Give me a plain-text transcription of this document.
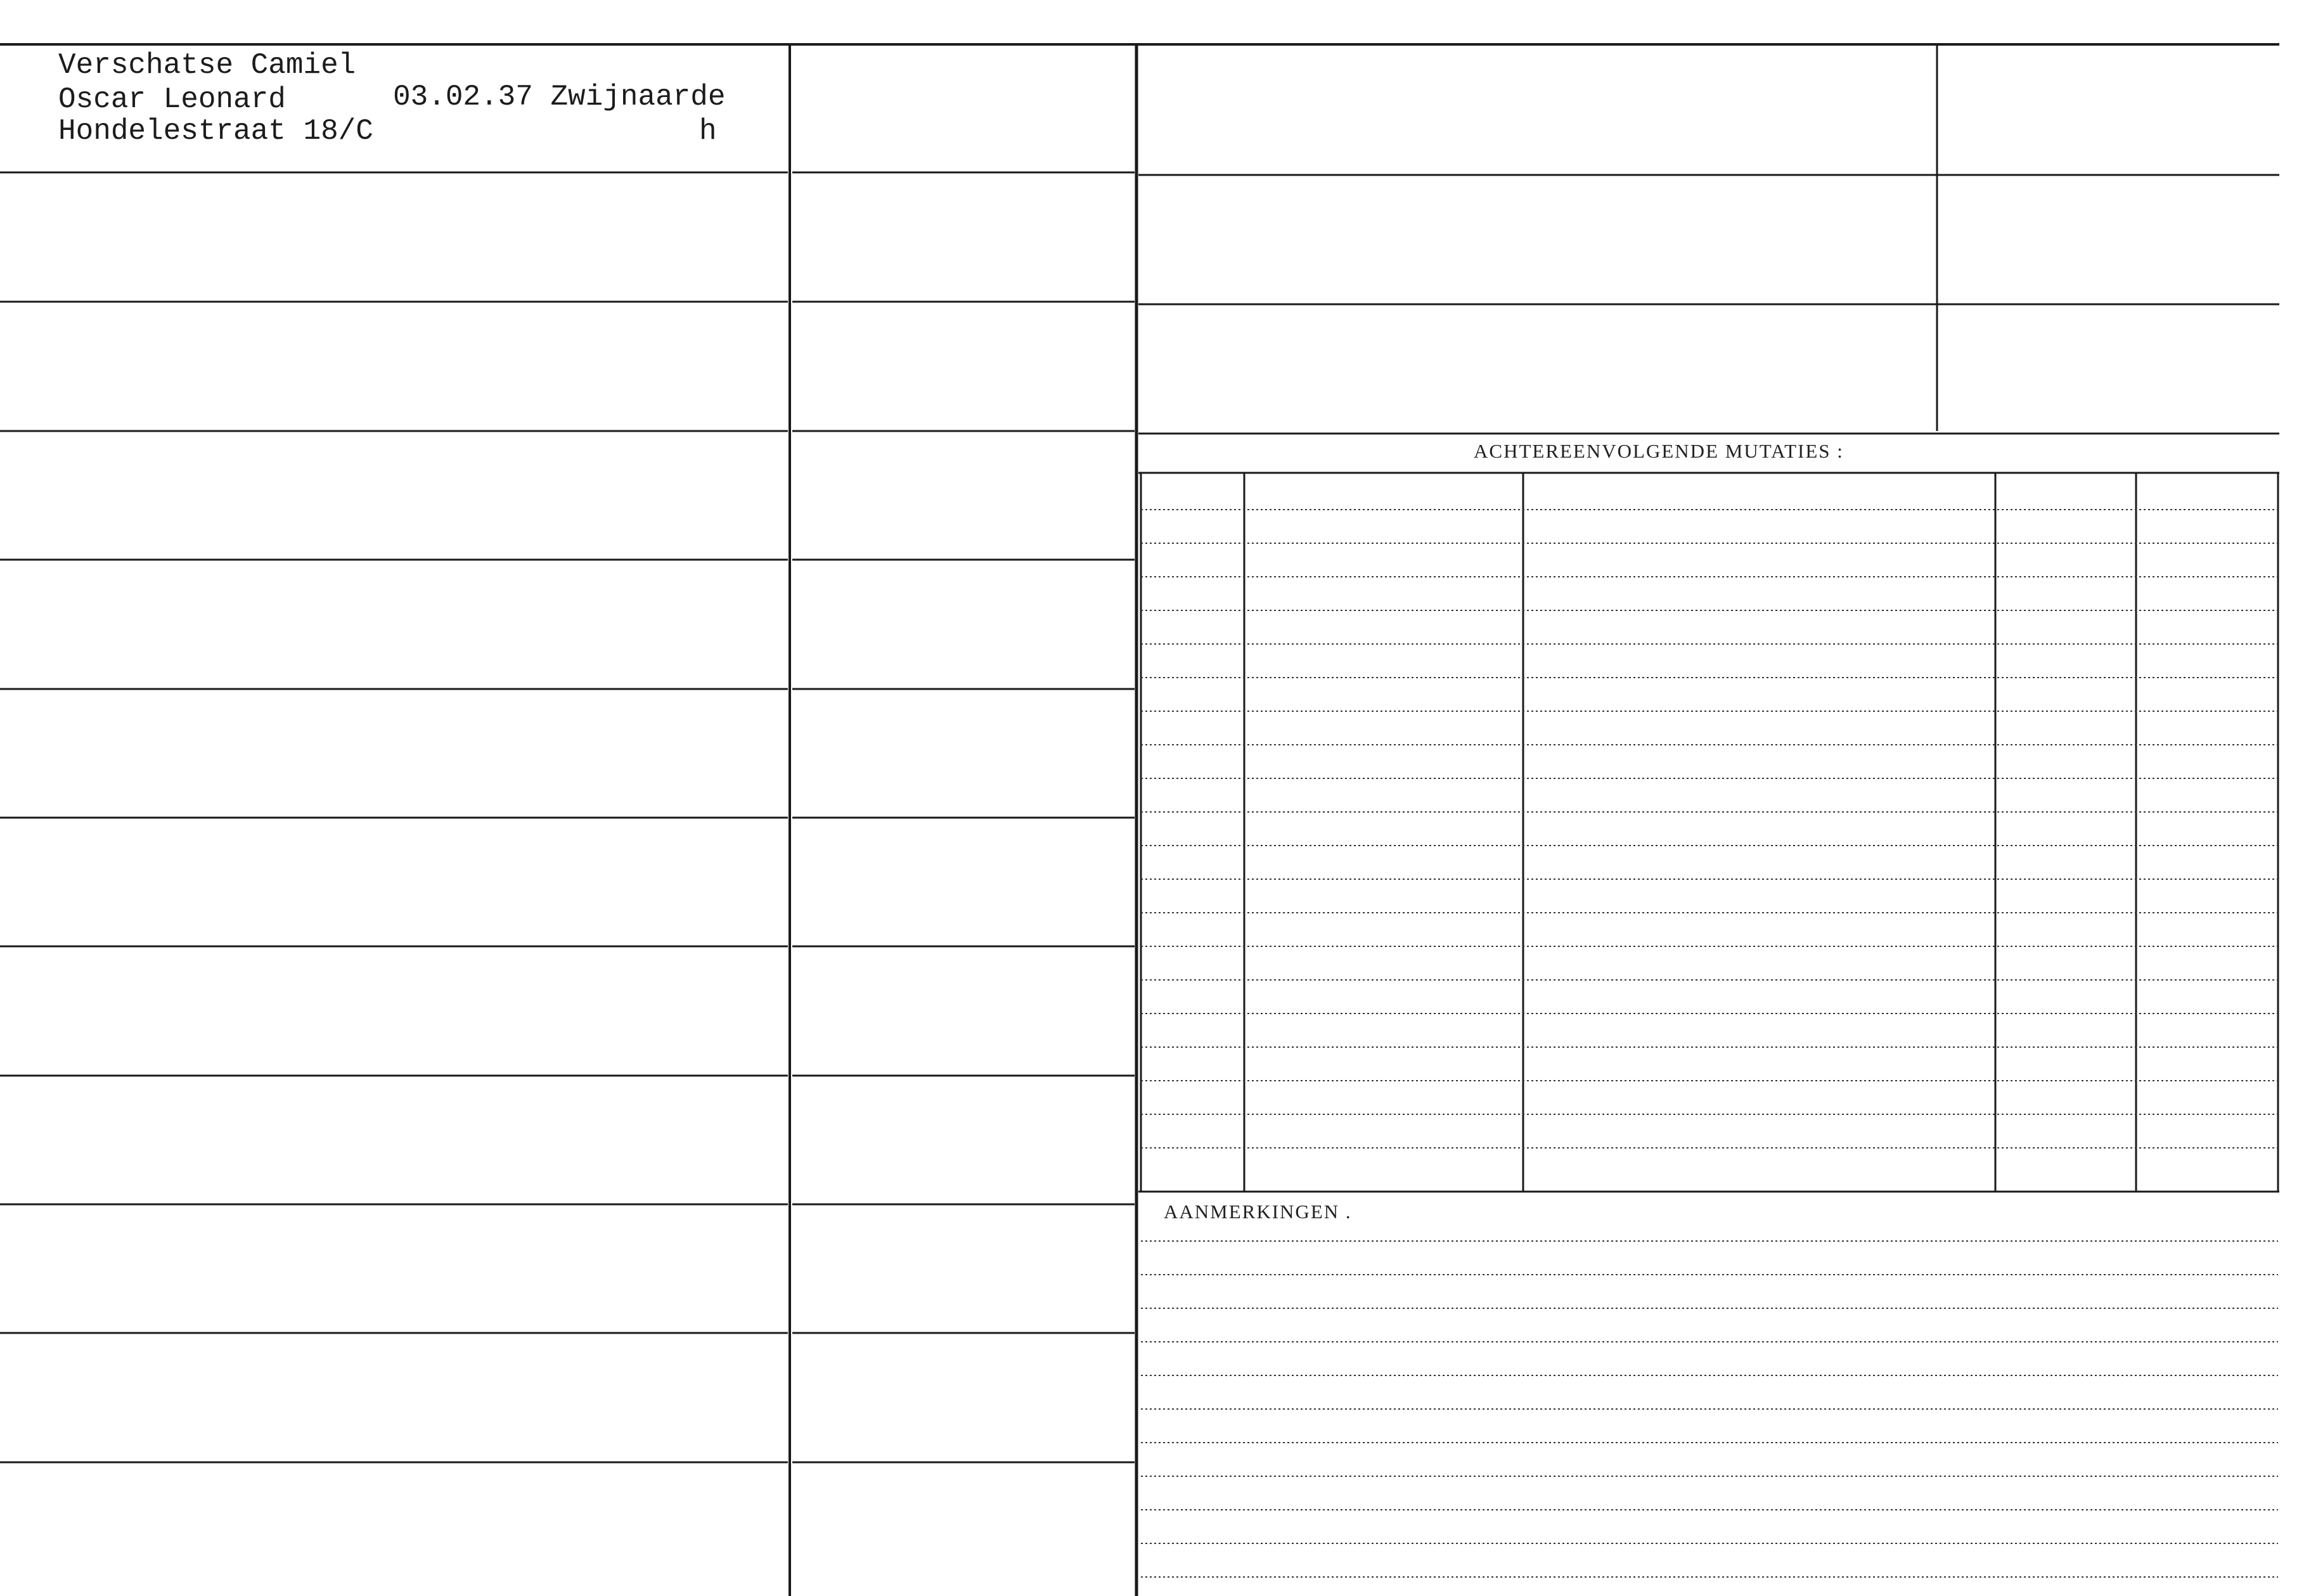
Verschatse Camiel
Oscar Leonard	03.02.37 Zwijnaarde
Hondelestraat 18/C	h
ACHTEREENVOLGENDE MUTATIES :
AANMERKINGEN .
